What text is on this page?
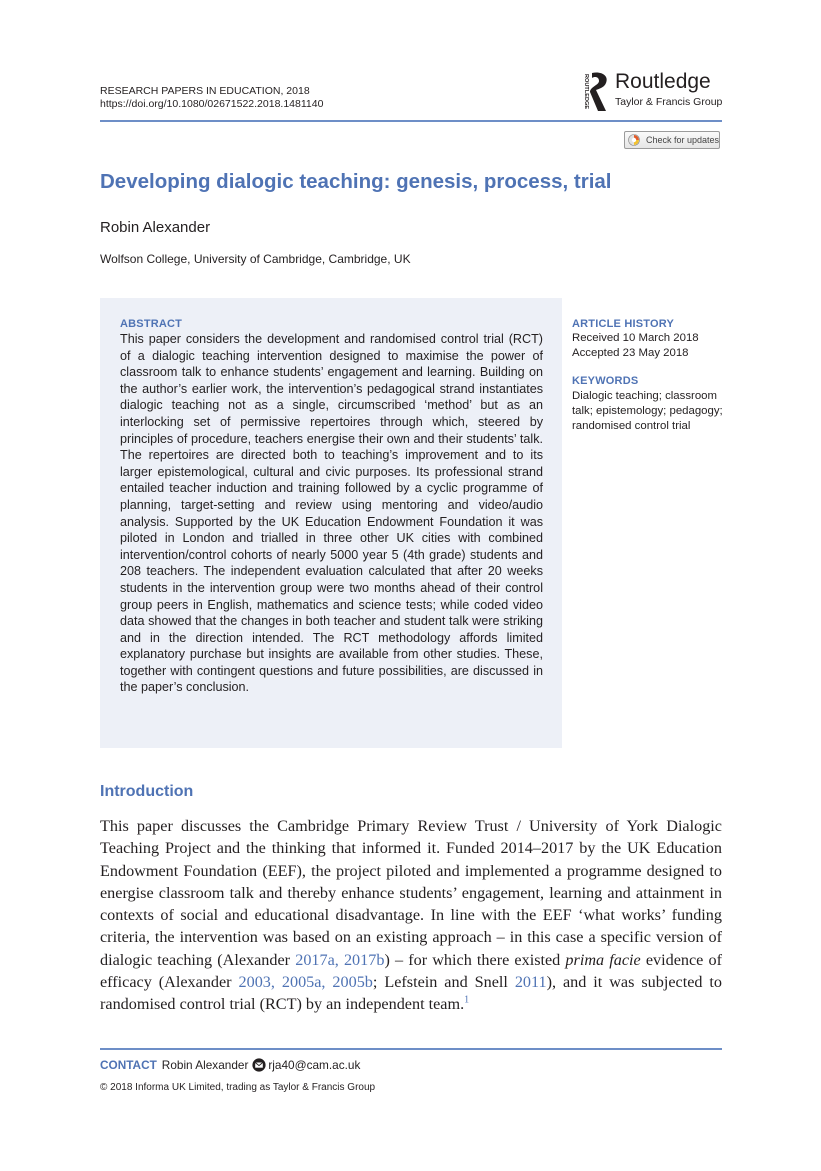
RESEARCH PAPERS IN EDUCATION, 2018
https://doi.org/10.1080/02671522.2018.1481140	ROUTLEDGE Routledge
Taylor & Francis Group
Check for updates
Developing dialogic teaching: genesis, process, trial
Robin Alexander
Wolfson College, University of Cambridge, Cambridge, UK
ABSTRACT
This paper considers the development and randomised control trial (RCT) of a dialogic teaching intervention designed to maximise the power of classroom talk to enhance students’ engagement and learning. Building on the author’s earlier work, the intervention’s pedagogical strand instantiates dialogic teaching not as a single, circumscribed ‘method’ but as an interlocking set of permissive repertoires through which, steered by principles of procedure, teachers energise their own and their students’ talk. The repertoires are directed both to teaching’s improvement and to its larger epistemological, cultural and civic purposes. Its professional strand entailed teacher induction and training followed by a cyclic programme of planning, target-setting and review using mentoring and video/audio analysis. Supported by the UK Education Endowment Foundation it was piloted in London and trialled in three other UK cities with combined intervention/control cohorts of nearly 5000 year 5 (4th grade) students and 208 teachers. The independent evaluation calculated that after 20 weeks students in the intervention group were two months ahead of their control group peers in English, mathematics and science tests; while coded video data showed that the changes in both teacher and student talk were striking and in the direction intended. The RCT methodology affords limited explanatory purchase but insights are available from other studies. These, together with contingent questions and future possibilities, are discussed in the paper’s conclusion.
ARTICLE HISTORY
Received 10 March 2018
Accepted 23 May 2018
KEYWORDS
Dialogic teaching; classroom talk; epistemology; pedagogy; randomised control trial
Introduction
This paper discusses the Cambridge Primary Review Trust / University of York Dialogic Teaching Project and the thinking that informed it. Funded 2014–2017 by the UK Education Endowment Foundation (EEF), the project piloted and implemented a programme designed to energise classroom talk and thereby enhance students’ engagement, learning and attainment in contexts of social and educational disadvantage. In line with the EEF ‘what works’ funding criteria, the intervention was based on an existing approach – in this case a specific version of dialogic teaching (Alexander 2017a, 2017b) – for which there existed prima facie evidence of efficacy (Alexander 2003, 2005a, 2005b; Lefstein and Snell 2011), and it was subjected to randomised control trial (RCT) by an independent team.$^1$
CONTACT Robin Alexander rja40@cam.ac.uk
© 2018 Informa UK Limited, trading as Taylor & Francis Group
